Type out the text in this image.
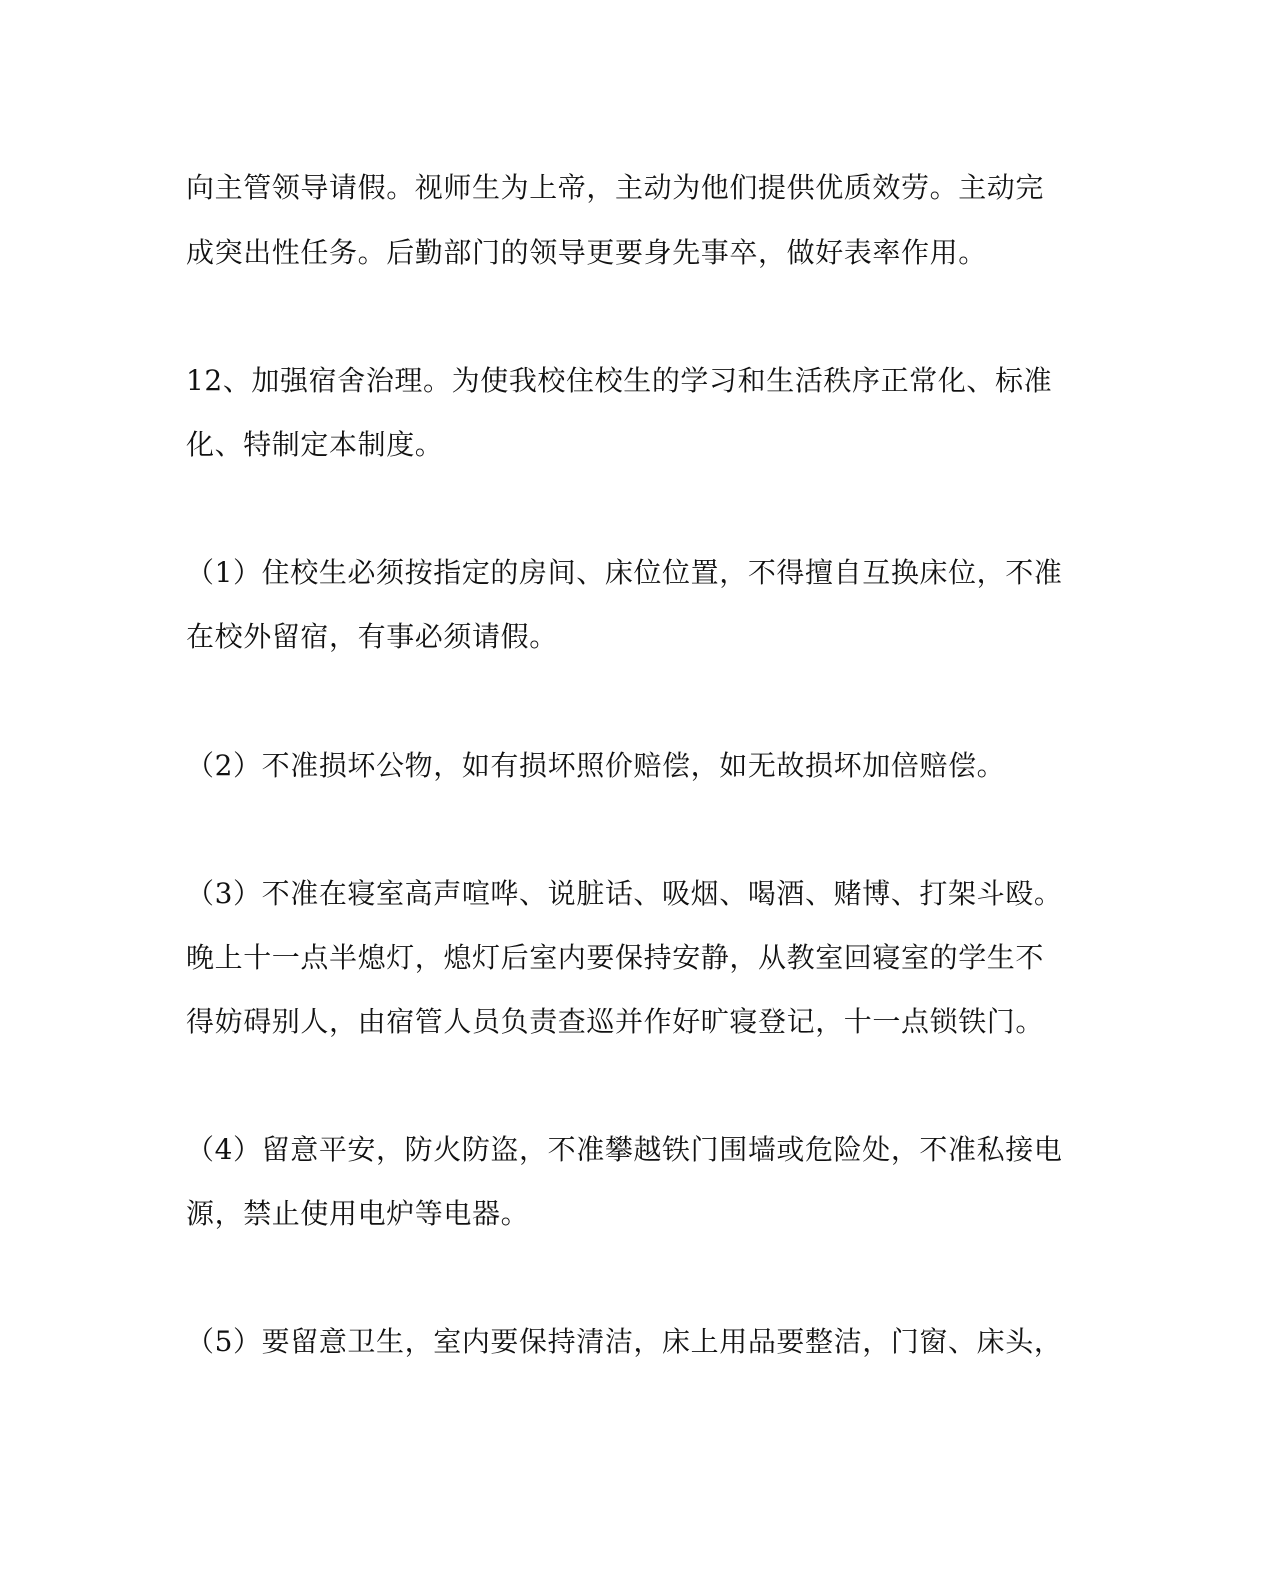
向主管领导请假。视师生为上帝，主动为他们提供优质效劳。主动完
成突出性任务。后勤部门的领导更要身先事卒，做好表率作用。
12、加强宿舍治理。为使我校住校生的学习和生活秩序正常化、标准
化、特制定本制度。
（1）住校生必须按指定的房间、床位位置，不得擅自互换床位，不准
在校外留宿，有事必须请假。
（2）不准损坏公物，如有损坏照价赔偿，如无故损坏加倍赔偿。
（3）不准在寝室高声喧哗、说脏话、吸烟、喝酒、赌博、打架斗殴。
晚上十一点半熄灯，熄灯后室内要保持安静，从教室回寝室的学生不
得妨碍别人，由宿管人员负责查巡并作好旷寝登记，十一点锁铁门。
（4）留意平安，防火防盗，不准攀越铁门围墙或危险处，不准私接电
源，禁止使用电炉等电器。
（5）要留意卫生，室内要保持清洁，床上用品要整洁，门窗、床头，
